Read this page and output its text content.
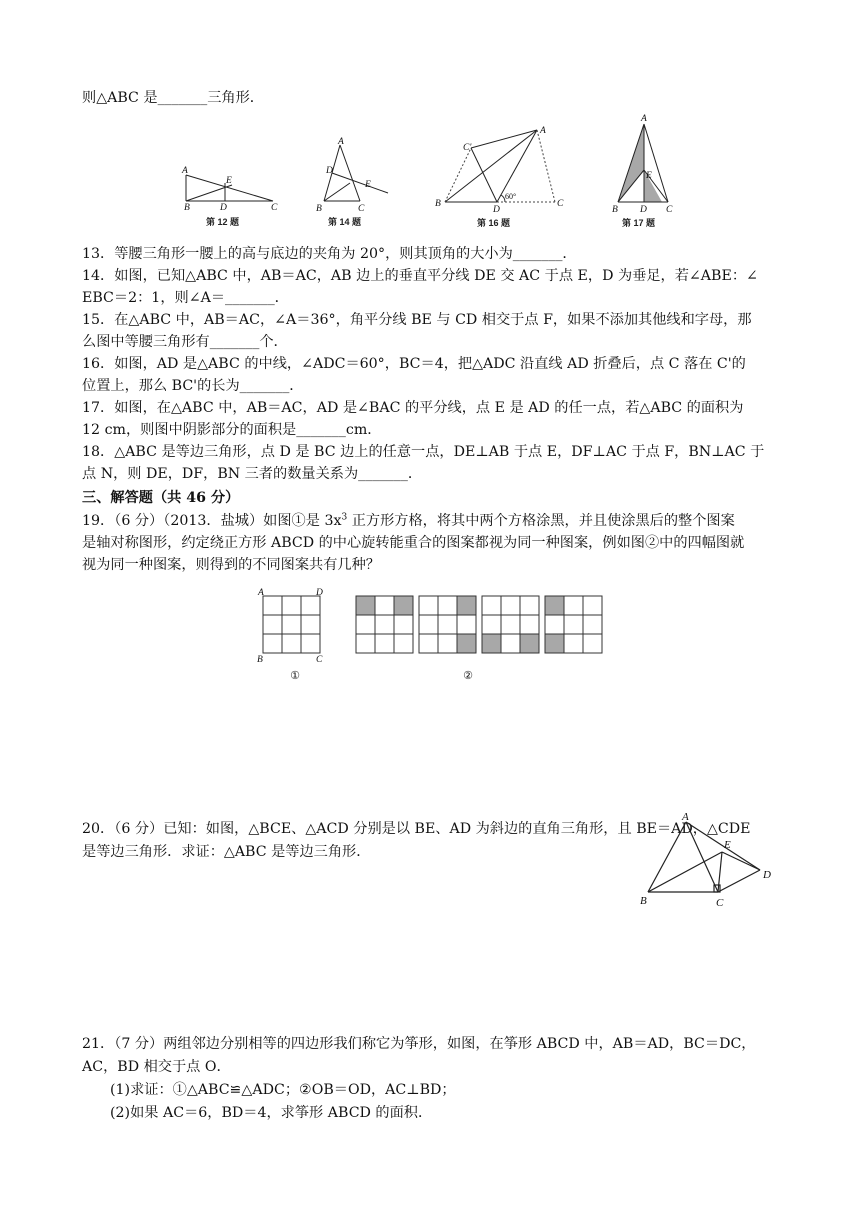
则△ABC 是_______三角形．
A
E
B	D	C
第 12 题
A
D
E
B	C
第 14 题
60°
A
C'
B
D
C
第 16 题
A
E
B D C
第 17 题
13．等腰三角形一腰上的高与底边的夹角为 20°，则其顶角的大小为_______．
14．如图，已知△ABC 中，AB＝AC，AB 边上的垂直平分线 DE 交 AC 于点 E，D 为垂足，若∠ABE：∠
EBC＝2：1，则∠A＝_______．
15．在△ABC 中，AB＝AC，∠A＝36°，角平分线 BE 与 CD 相交于点 F，如果不添加其他线和字母，那
么图中等腰三角形有_______个．
16．如图，AD 是△ABC 的中线，∠ADC＝60°，BC＝4，把△ADC 沿直线 AD 折叠后，点 C 落在 C'的
位置上，那么 BC'的长为_______．
17．如图，在△ABC 中，AB＝AC，AD 是∠BAC 的平分线，点 E 是 AD 的任一点，若△ABC 的面积为
12 cm，则图中阴影部分的面积是_______cm．
18．△ABC 是等边三角形，点 D 是 BC 边上的任意一点，DE⊥AB 于点 E，DF⊥AC 于点 F，BN⊥AC 于
点 N，则 DE，DF，BN 三者的数量关系为_______．
三、解答题（共 46 分）
19．（6 分）（2013．盐城）如图①是 $3x^3$ 正方形方格，将其中两个方格涂黑，并且使涂黑后的整个图案
是轴对称图形，约定绕正方形 ABCD 的中心旋转能重合的图案都视为同一种图案，例如图②中的四幅图就
视为同一种图案，则得到的不同图案共有几种？
A	D
B	C
①	②
20．（6 分）已知：如图，△BCE、△ACD 分别是以 BE、AD 为斜边的直角三角形，且 BE＝AD，△CDE
是等边三角形．求证：△ABC 是等边三角形．
A
E
D
B	C
21．（7 分）两组邻边分别相等的四边形我们称它为筝形，如图，在筝形 ABCD 中，AB＝AD，BC＝DC，
AC，BD 相交于点 O．
(1)求证：①△ABC≌△ADC；②OB＝OD，AC⊥BD；
(2)如果 AC＝6，BD＝4，求筝形 ABCD 的面积．
